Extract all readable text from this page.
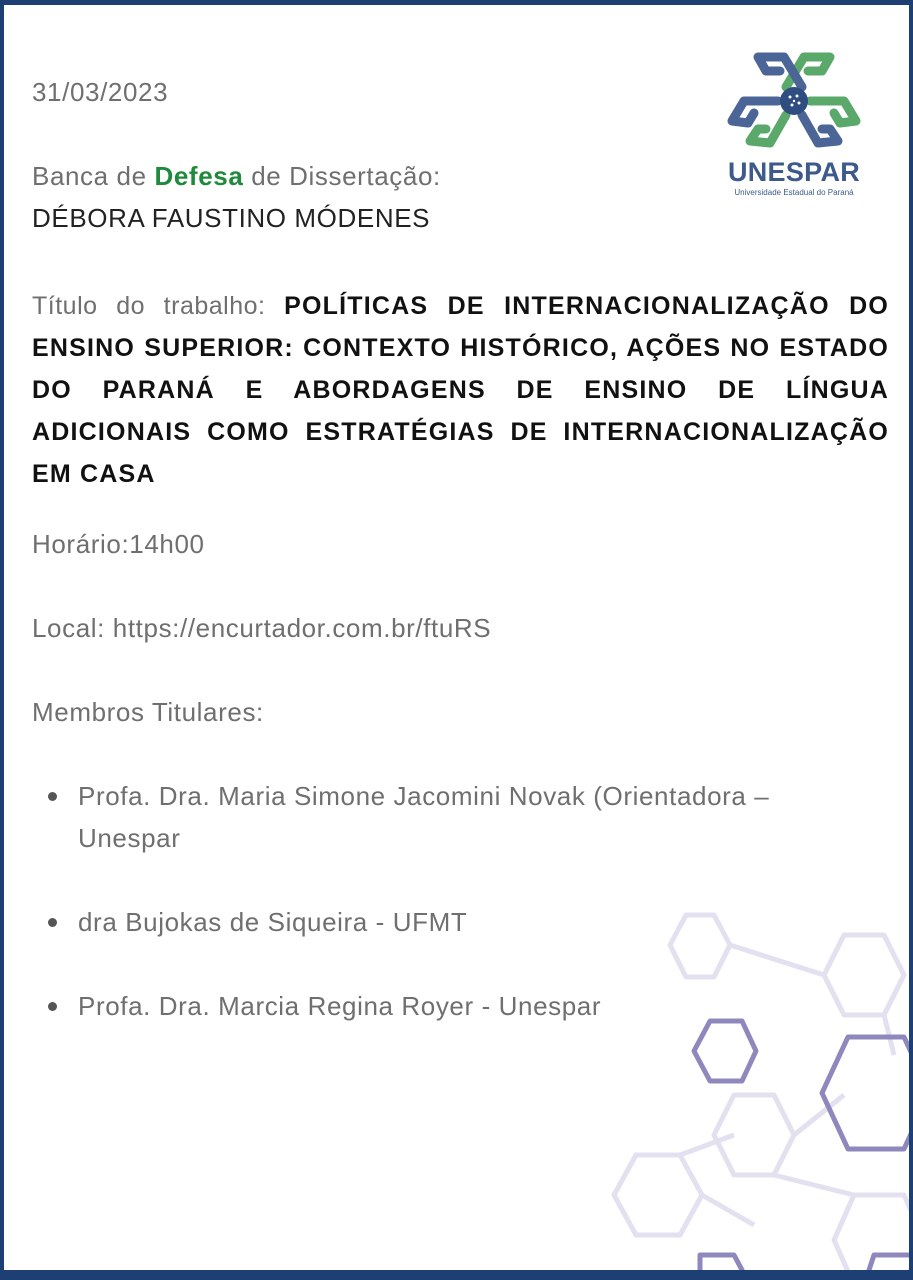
31/03/2023
Banca de Defesa de Dissertação:
DÉBORA FAUSTINO MÓDENES
Título do trabalho: POLÍTICAS DE INTERNACIONALIZAÇÃO DO ENSINO SUPERIOR: CONTEXTO HISTÓRICO, AÇÕES NO ESTADO DO PARANÁ E ABORDAGENS DE ENSINO DE LÍNGUA ADICIONAIS COMO ESTRATÉGIAS DE INTERNACIONALIZAÇÃO EM CASA
Horário:14h00
Local: https://encurtador.com.br/ftuRS
Membros Titulares:
Profa. Dra. Maria Simone Jacomini Novak (Orientadora – Unespar
dra Bujokas de Siqueira - UFMT
Profa. Dra. Marcia Regina Royer - Unespar
UNESPAR
Universidade Estadual do Paraná
